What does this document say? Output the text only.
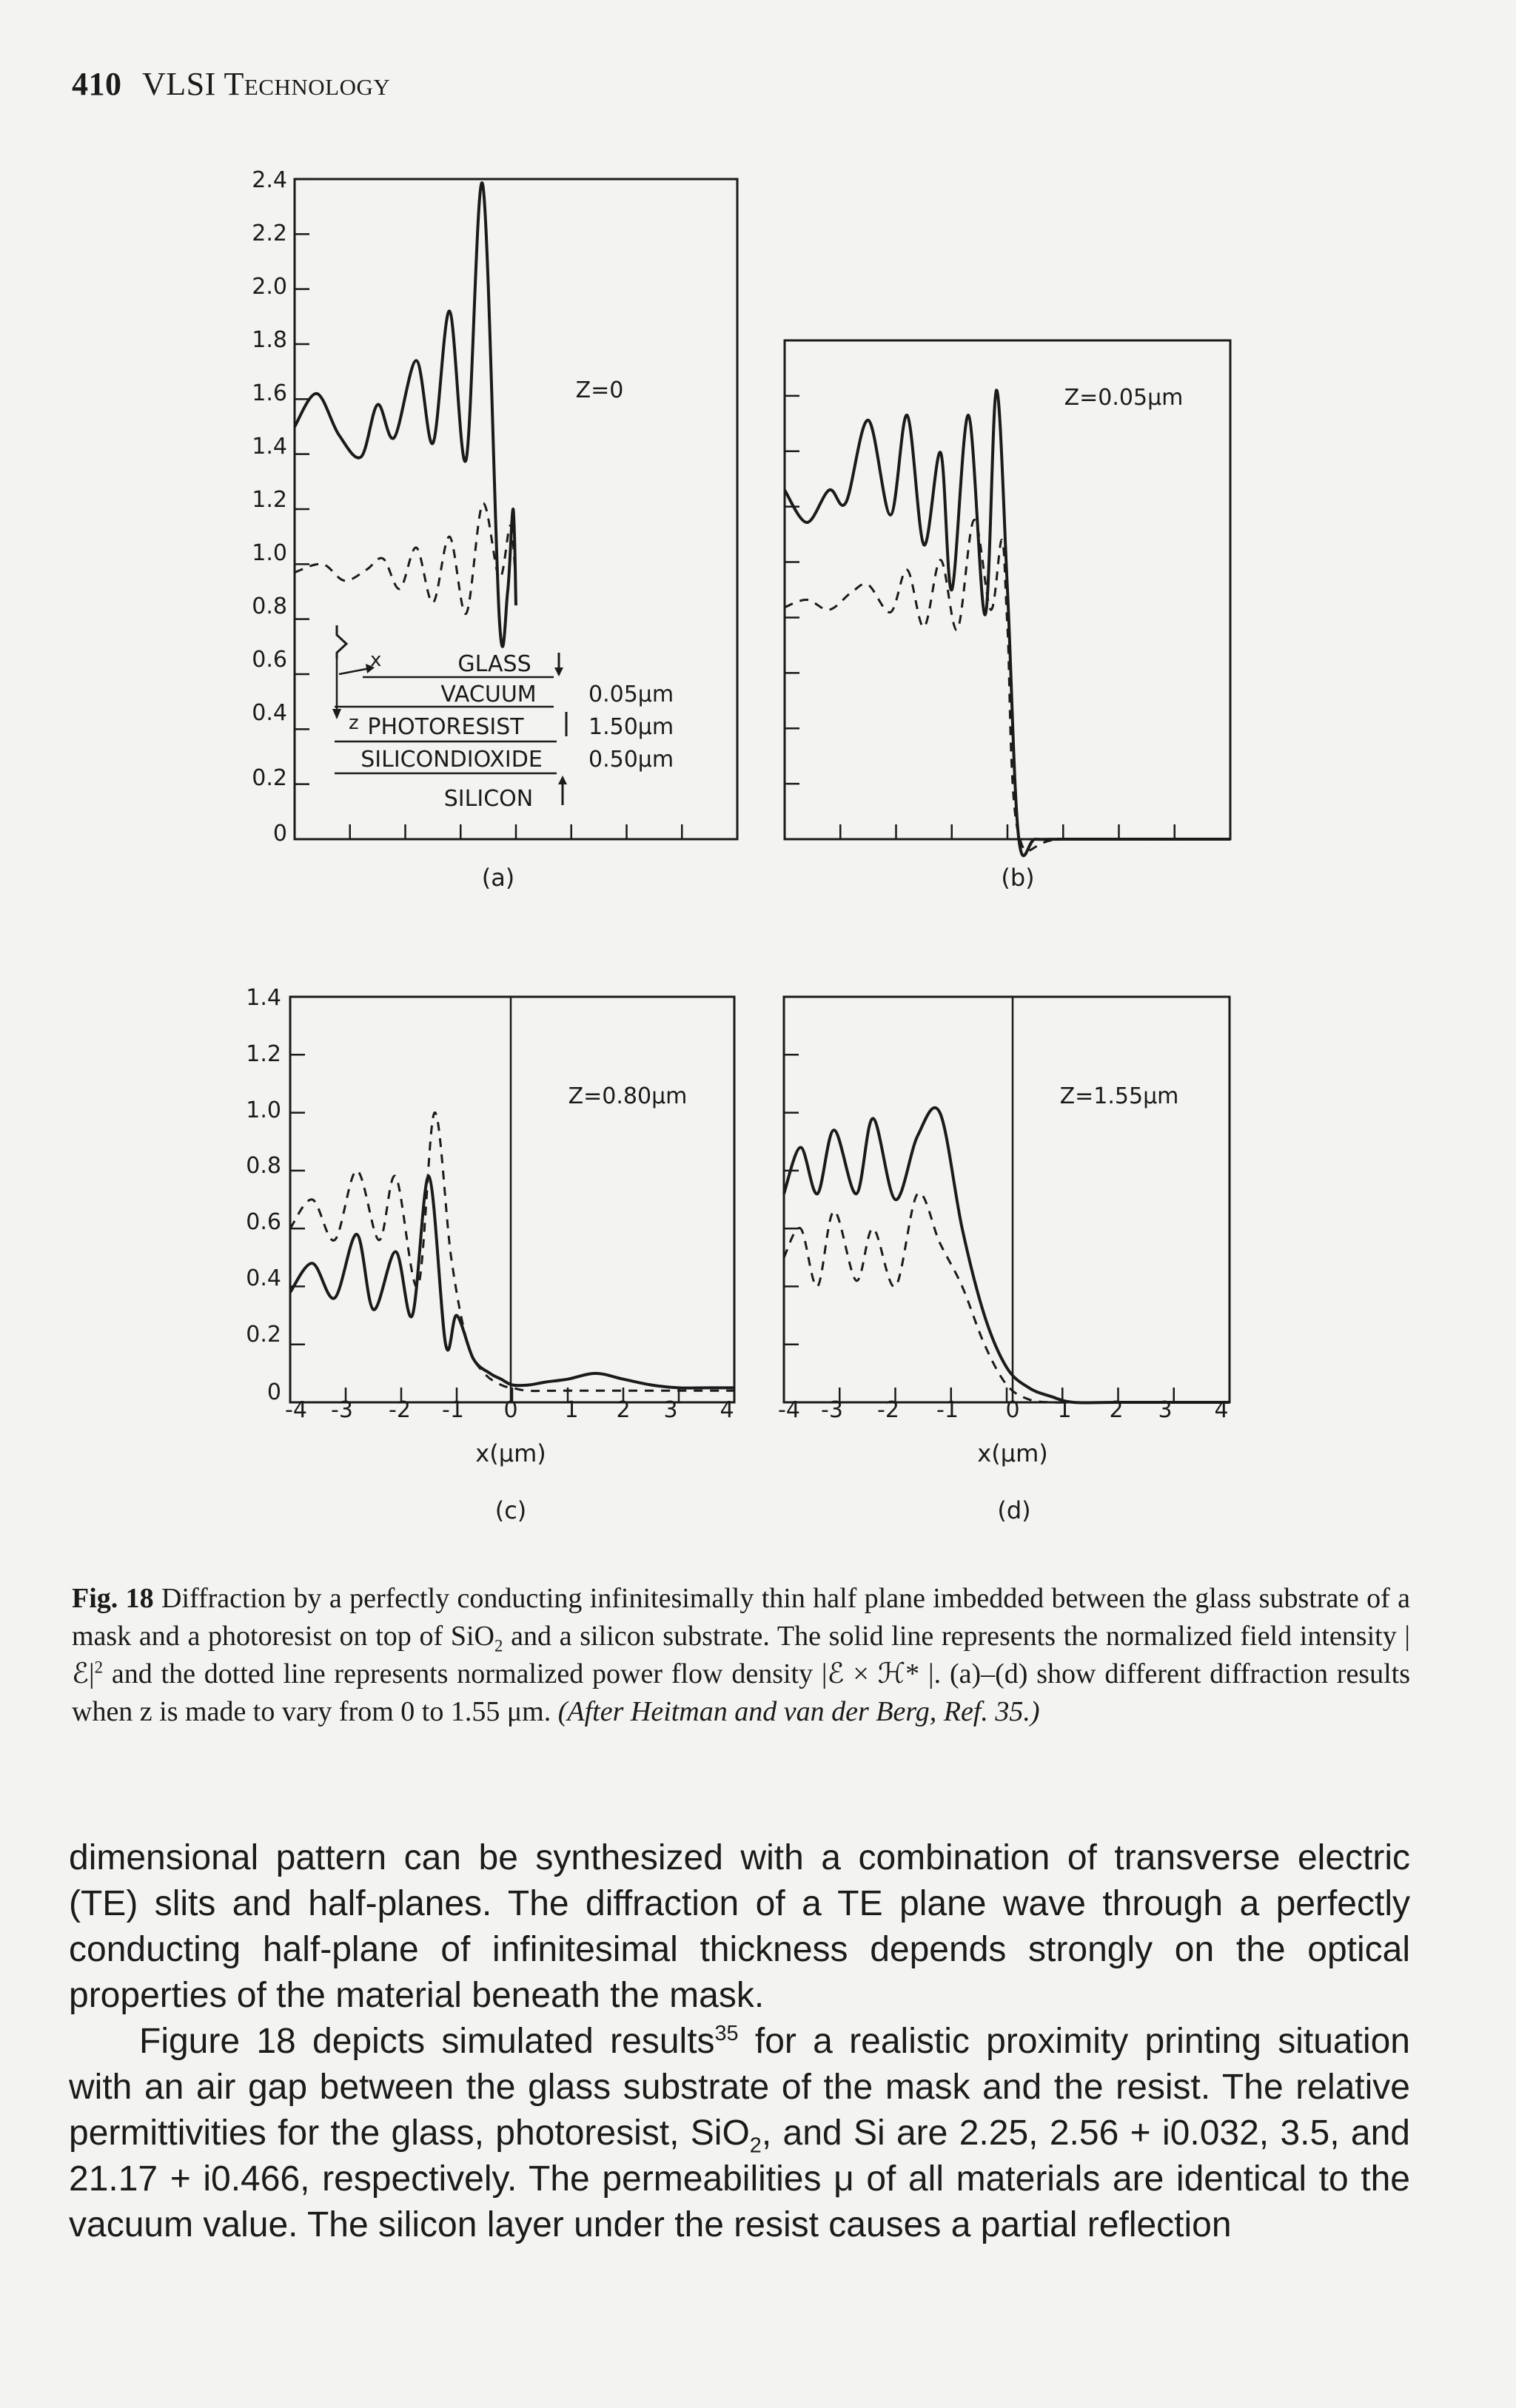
410 VLSI Technology
2.4
2.2
2.0
1.8
1.6
1.4
1.2
1.0
0.8
0.6
0.4
0.2
0
1.4
1.2
1.0
0.8
0.6
0.4
0.2
0
-4 -3 -2 -1 0 1 2 3 4 -4 -3 -2 -1 0 1 2 3 4
x(μm)	x(μm)
Z=0	Z=0.05μm
Z=0.80μm	Z=1.55μm
(a)	(b)
(c)	(d)
x
z
GLASS
VACUUM
PHOTORESIST
SILICONDIOXIDE
SILICON
0.05μm
1.50μm
0.50μm
Fig. 18 Diffraction by a perfectly conducting infinitesimally thin half plane imbedded between the glass substrate of a mask and a photoresist on top of SiO$_2$ and a silicon substrate. The solid line represents the normalized field intensity $|ℰ|^2$ and the dotted line represents normalized power flow density |ℰ × ℋ* |. (a)–(d) show different diffraction results when z is made to vary from 0 to 1.55 μm. (After Heitman and van der Berg, Ref. 35.)

dimensional pattern can be synthesized with a combination of transverse electric (TE) slits and half-planes. The diffraction of a TE plane wave through a perfectly conducting half-plane of infinitesimal thickness depends strongly on the optical properties of the material beneath the mask.

Figure 18 depicts simulated results$^{35}$ for a realistic proximity printing situation with an air gap between the glass substrate of the mask and the resist. The relative permittivities for the glass, photoresist, SiO$_2$, and Si are 2.25, 2.56 + i0.032, 3.5, and 21.17 + i0.466, respectively. The permeabilities μ of all materials are identical to the vacuum value. The silicon layer under the resist causes a partial reflection
